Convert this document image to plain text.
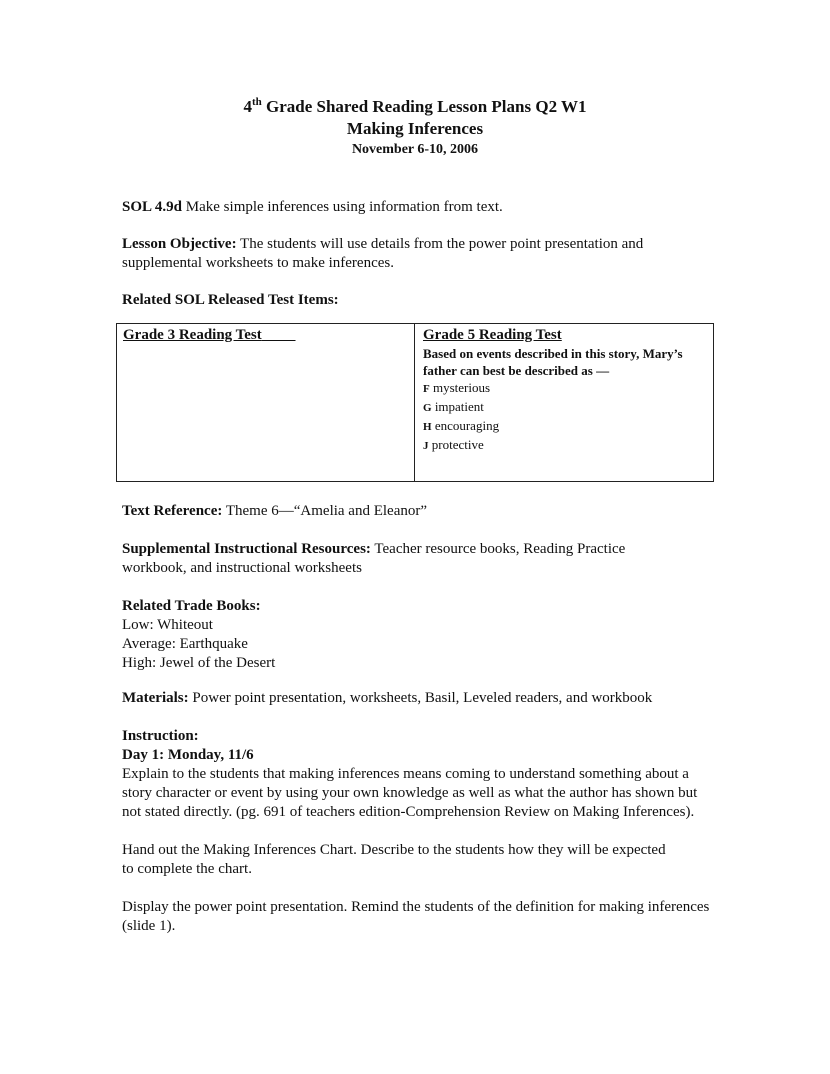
4th Grade Shared Reading Lesson Plans Q2 W1
Making Inferences
November 6-10, 2006
SOL 4.9d Make simple inferences using information from text.
Lesson Objective: The students will use details from the power point presentation and supplemental worksheets to make inferences.
Related SOL Released Test Items:
Grade 3 Reading Test	Grade 5 Reading Test
Based on events described in this story, Mary’s father can best be described as —
F mysterious
G impatient
H encouraging
J protective
Text Reference: Theme 6—“Amelia and Eleanor”
Supplemental Instructional Resources: Teacher resource books, Reading Practice workbook, and instructional worksheets
Related Trade Books:
Low: Whiteout
Average: Earthquake
High: Jewel of the Desert
Materials: Power point presentation, worksheets, Basil, Leveled readers, and workbook
Instruction:
Day 1: Monday, 11/6
Explain to the students that making inferences means coming to understand something about a story character or event by using your own knowledge as well as what the author has shown but not stated directly. (pg. 691 of teachers edition-Comprehension Review on Making Inferences).
Hand out the Making Inferences Chart. Describe to the students how they will be expected to complete the chart.
Display the power point presentation. Remind the students of the definition for making inferences (slide 1).
